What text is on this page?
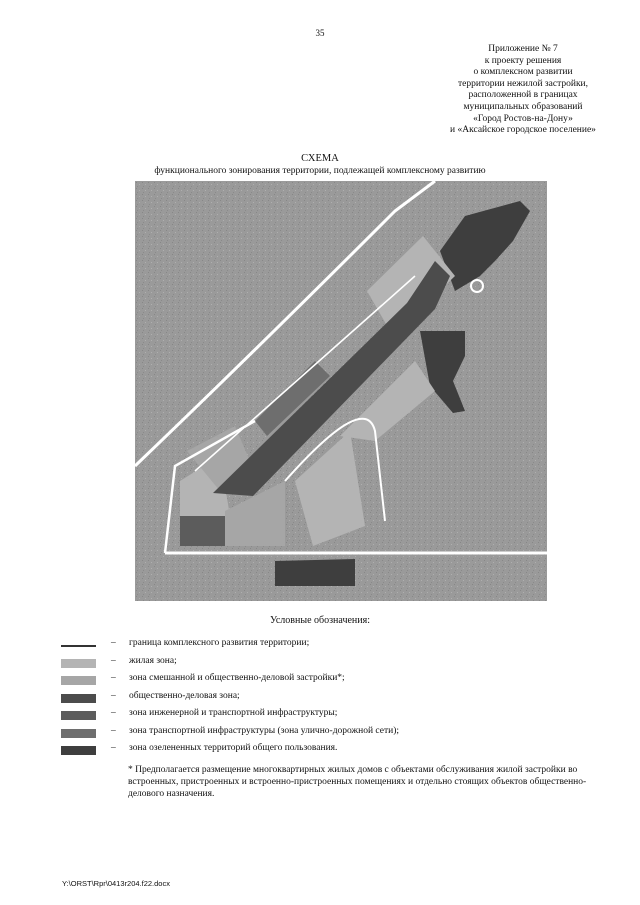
35
Приложение № 7
к проекту решения
о комплексном развитии
территории нежилой застройки,
расположенной в границах
муниципальных образований
«Город Ростов-на-Дону»
и «Аксайское городское поселение»
СХЕМА
функционального зонирования территории, подлежащей комплексному развитию
Условные обозначения:
– граница комплексного развития территории;
– жилая зона;
– зона смешанной и общественно-деловой застройки*;
– общественно-деловая зона;
– зона инженерной и транспортной инфраструктуры;
– зона транспортной инфраструктуры (зона улично-дорожной сети);
– зона озелененных территорий общего пользования.
* Предполагается размещение многоквартирных жилых домов с объектами обслуживания жилой застройки во встроенных, пристроенных и встроенно-пристроенных помещениях и отдельно стоящих объектов общественно-делового назначения.
Y:\ORST\Rpr\0413r204.f22.docx
